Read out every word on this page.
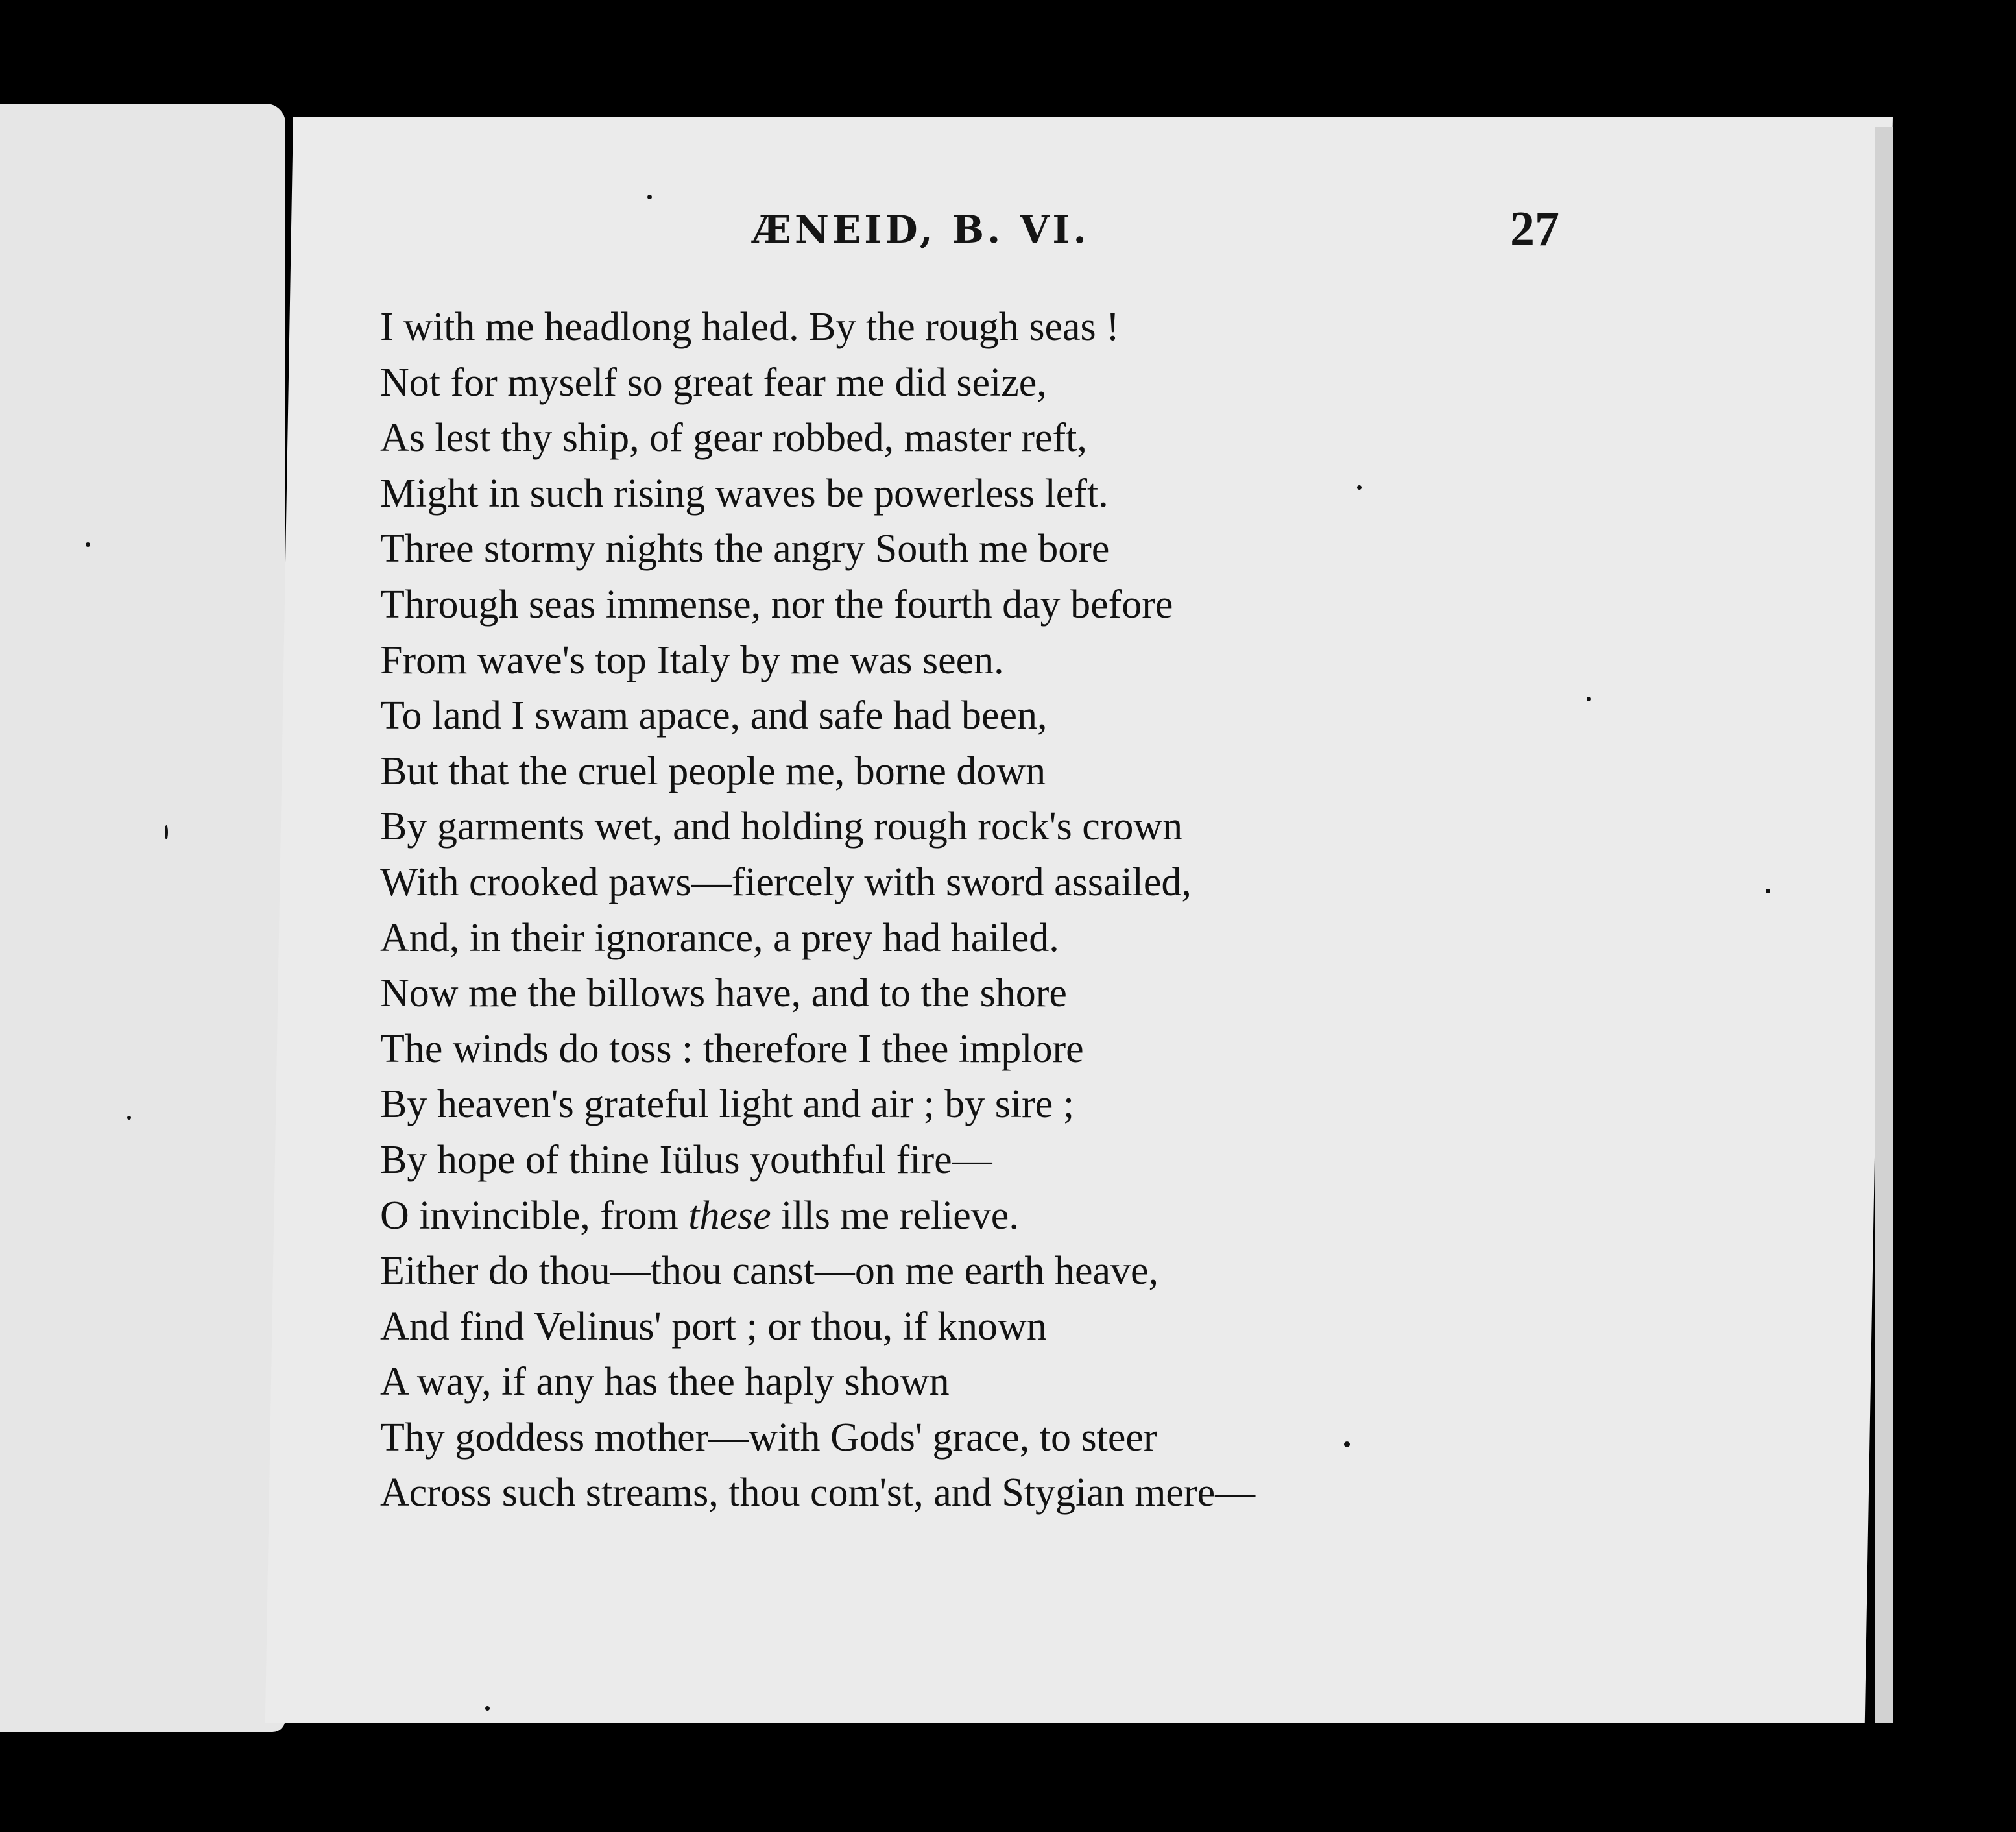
ÆNEID, B. VI.	27
I with me headlong haled. By the rough seas !
Not for myself so great fear me did seize,
As lest thy ship, of gear robbed, master reft,
Might in such rising waves be powerless left.
Three stormy nights the angry South me bore
Through seas immense, nor the fourth day before
From wave's top Italy by me was seen.
To land I swam apace, and safe had been,
But that the cruel people me, borne down
By garments wet, and holding rough rock's crown
With crooked paws—fiercely with sword assailed,
And, in their ignorance, a prey had hailed.
Now me the billows have, and to the shore
The winds do toss : therefore I thee implore
By heaven's grateful light and air ; by sire ;
By hope of thine Iülus youthful fire—
O invincible, from these ills me relieve.
Either do thou—thou canst—on me earth heave,
And find Velinus' port ; or thou, if known
A way, if any has thee haply shown
Thy goddess mother—with Gods' grace, to steer
Across such streams, thou com'st, and Stygian mere—
